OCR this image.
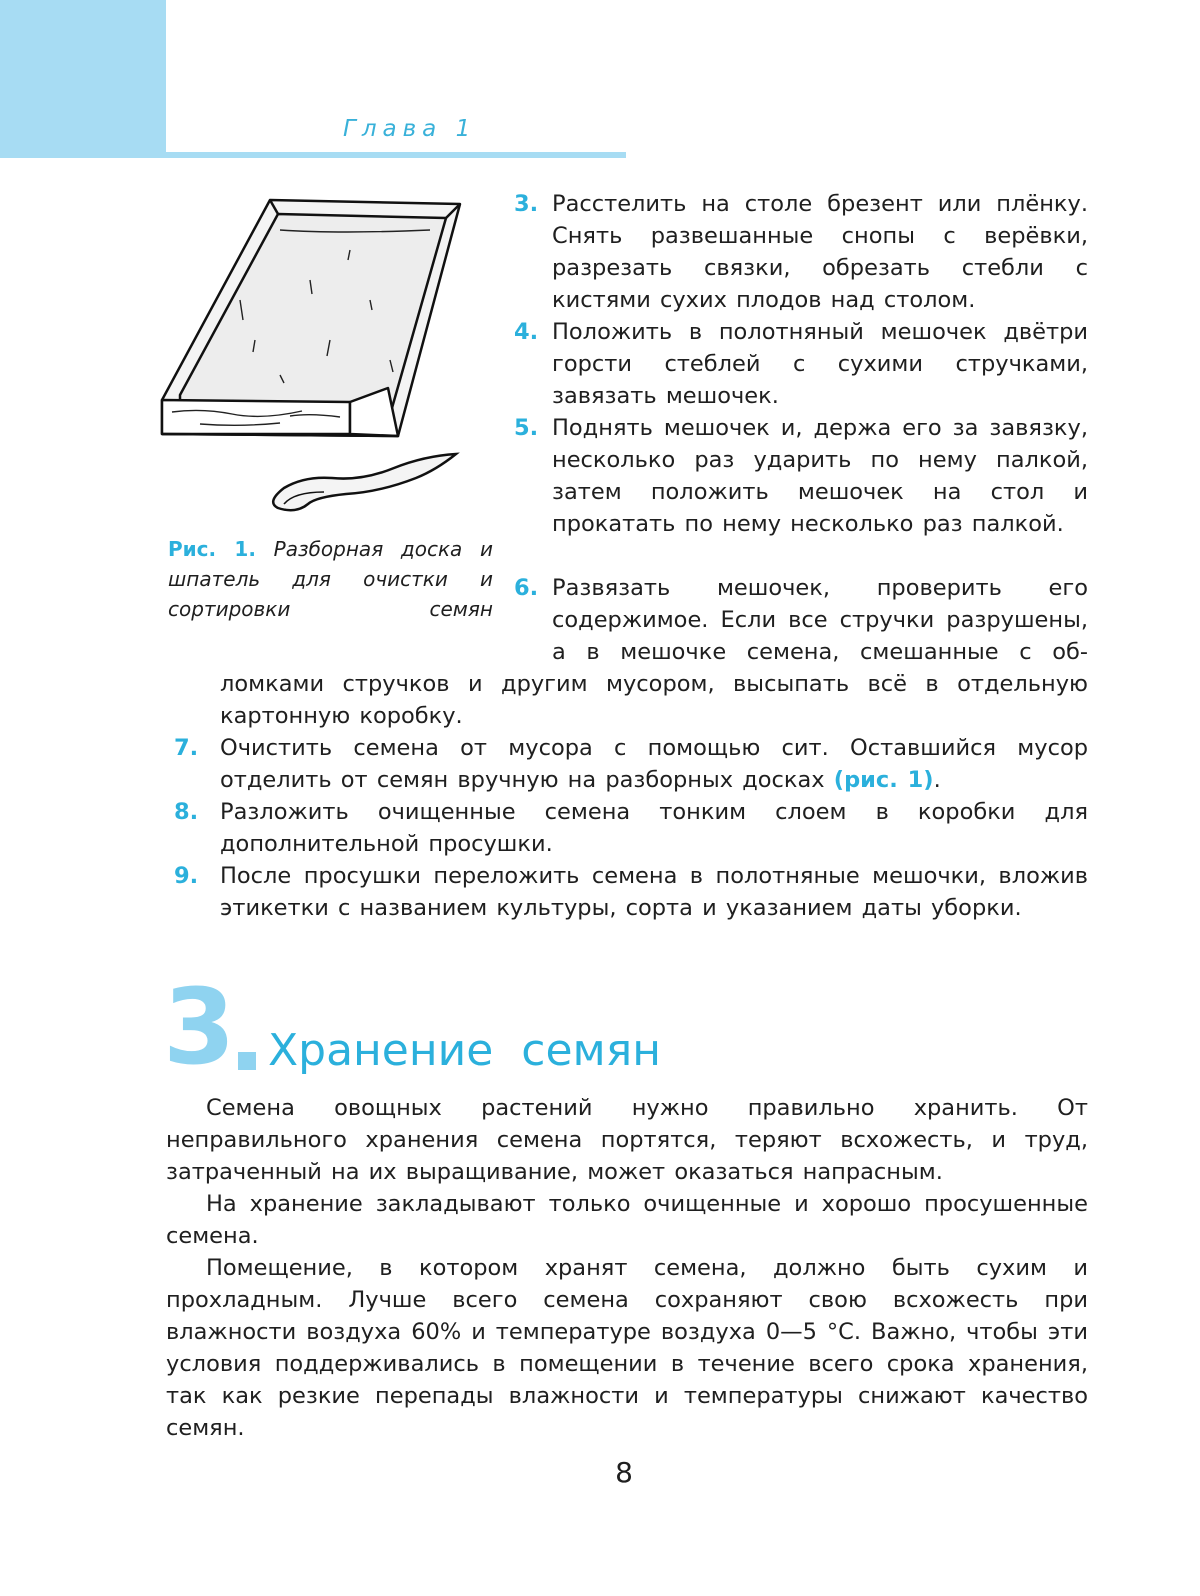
Глава 1
Рис. 1. Разборная доска и шпатель для очистки и сортировки семян
3. Расстелить на столе брезент или плёнку. Снять развешанные снопы с верёвки, разрезать связки, обрезать стебли с кистями сухих плодов над столом.
4. Положить в полотняный мешочек двётри горсти стеблей с сухими стручками, завязать мешочек.
5. Поднять мешочек и, держа его за завязку, несколько раз ударить по нему палкой, затем положить мешочек на стол и прокатать по нему несколько раз палкой.
6. Развязать мешочек, проверить его содержимое. Если все стручки разрушены, а в мешочке семена, смешанные с об-
ломками стручков и другим мусором, высыпать всё в отдельную картонную коробку.
7. Очистить семена от мусора с помощью сит. Оставшийся мусор отделить от семян вручную на разборных досках (рис. 1).
8. Разложить очищенные семена тонким слоем в коробки для дополнительной просушки.
9. После просушки переложить семена в полотняные мешочки, вложив этикетки с названием культуры, сорта и указанием даты уборки.
3 Хранение семян
Семена овощных растений нужно правильно хранить. От неправильного хранения семена портятся, теряют всхожесть, и труд, затраченный на их выращивание, может оказаться напрасным.
На хранение закладывают только очищенные и хорошо просушенные семена.
Помещение, в котором хранят семена, должно быть сухим и прохладным. Лучше всего семена сохраняют свою всхожесть при влажности воздуха 60% и температуре воздуха 0—5 °С. Важно, чтобы эти условия поддерживались в помещении в течение всего срока хранения, так как резкие перепады влажности и температуры снижают качество семян.
8
